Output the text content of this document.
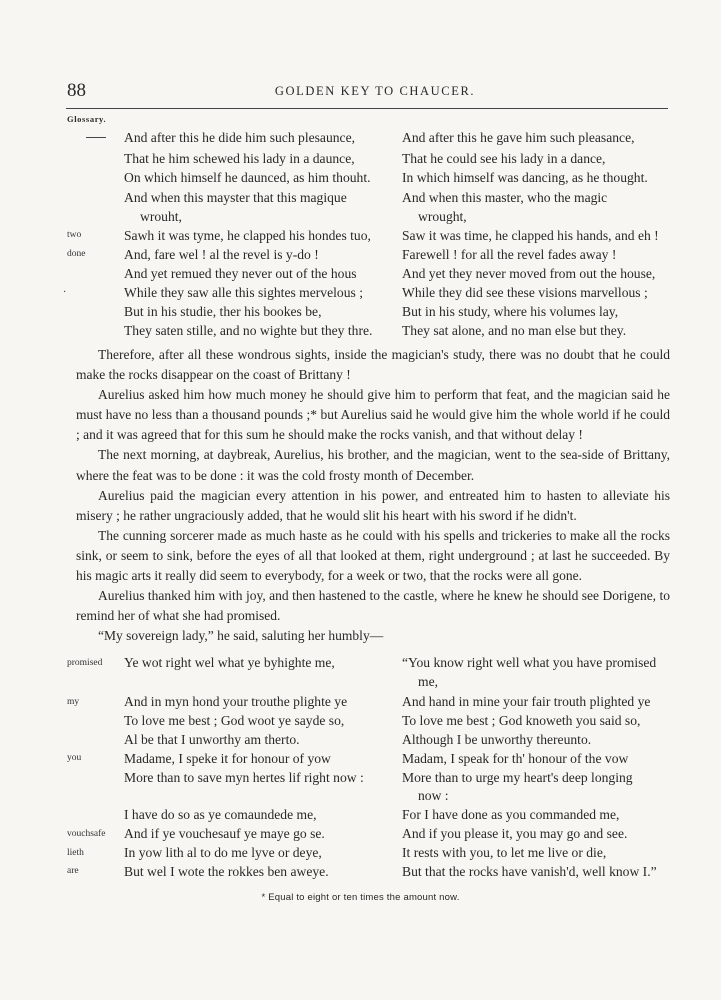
88	GOLDEN KEY TO CHAUCER.
Glossary.
two
done
·
And after this he dide him such plesaunce,
That he him schewed his lady in a daunce,
On which himself he daunced, as him thouht.
And when this mayster that this magique
wrouht,
Sawh it was tyme, he clapped his hondes tuo,
And, fare wel ! al the revel is y-do !
And yet remued they never out of the hous
While they saw alle this sightes mervelous ;
But in his studie, ther his bookes be,
They saten stille, and no wighte but they thre.
And after this he gave him such pleasance,
That he could see his lady in a dance,
In which himself was dancing, as he thought.
And when this master, who the magic
wrought,
Saw it was time, he clapped his hands, and eh !
Farewell ! for all the revel fades away !
And yet they never moved from out the house,
While they did see these visions marvellous ;
But in his study, where his volumes lay,
They sat alone, and no man else but they.

Therefore, after all these wondrous sights, inside the magician's study, there was no doubt that he could make the rocks disappear on the coast of Brittany !

Aurelius asked him how much money he should give him to perform that feat, and the magician said he must have no less than a thousand pounds ;* but Aurelius said he would give him the whole world if he could ; and it was agreed that for this sum he should make the rocks vanish, and that without delay !

The next morning, at daybreak, Aurelius, his brother, and the magician, went to the sea-side of Brittany, where the feat was to be done : it was the cold frosty month of December.

Aurelius paid the magician every attention in his power, and entreated him to hasten to alleviate his misery ; he rather ungraciously added, that he would slit his heart with his sword if he didn't.

The cunning sorcerer made as much haste as he could with his spells and trickeries to make all the rocks sink, or seem to sink, before the eyes of all that looked at them, right underground ; at last he succeeded. By his magic arts it really did seem to everybody, for a week or two, that the rocks were all gone.

Aurelius thanked him with joy, and then hastened to the castle, where he knew he should see Dorigene, to remind her of what she had promised.

“My sovereign lady,” he said, saluting her humbly—

promised
my
you
vouchsafe
lieth
are
Ye wot right wel what ye byhighte me,
And in myn hond your trouthe plighte ye
To love me best ; God woot ye sayde so,
Al be that I unworthy am therto.
Madame, I speke it for honour of yow
More than to save myn hertes lif right now :
I have do so as ye comaundede me,
And if ye vouchesauf ye maye go se.
In yow lith al to do me lyve or deye,
But wel I wote the rokkes ben aweye.
“You know right well what you have promised
me,
And hand in mine your fair trouth plighted ye
To love me best ; God knoweth you said so,
Although I be unworthy thereunto.
Madam, I speak for th' honour of the vow
More than to urge my heart's deep longing
now :
For I have done as you commanded me,
And if you please it, you may go and see.
It rests with you, to let me live or die,
But that the rocks have vanish'd, well know I.”
* Equal to eight or ten times the amount now.
